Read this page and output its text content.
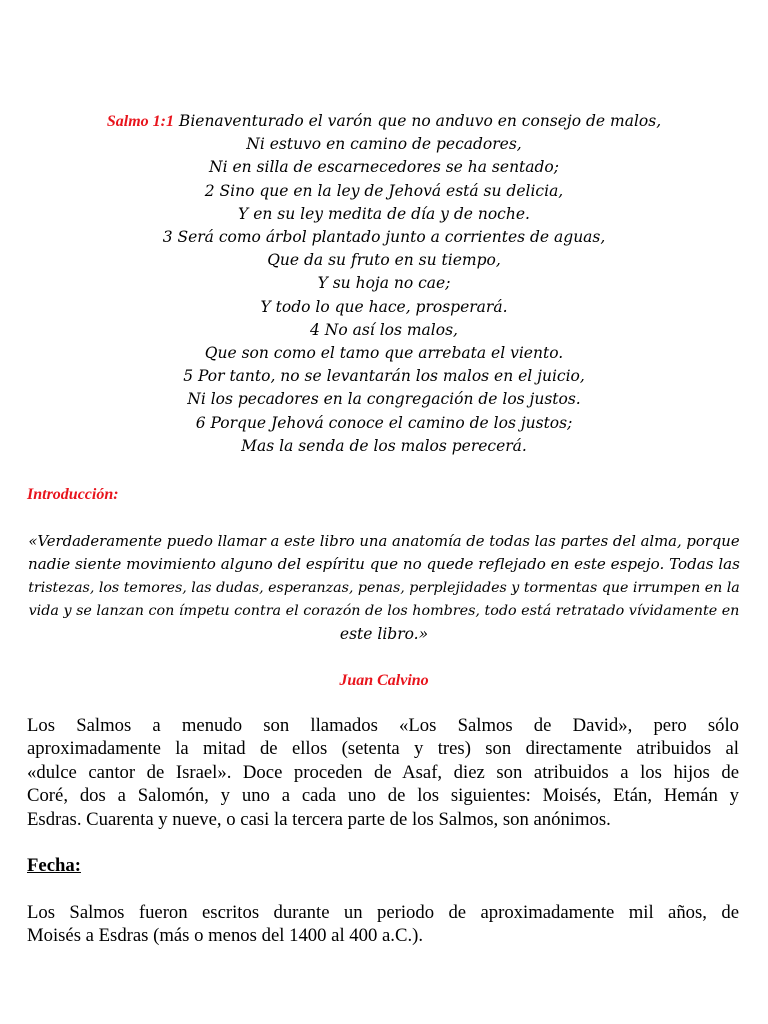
Salmo 1:1 Bienaventurado el varón que no anduvo en consejo de malos,
Ni estuvo en camino de pecadores,
Ni en silla de escarnecedores se ha sentado;
2 Sino que en la ley de Jehová está su delicia,
Y en su ley medita de día y de noche.
3 Será como árbol plantado junto a corrientes de aguas,
Que da su fruto en su tiempo,
Y su hoja no cae;
Y todo lo que hace, prosperará.
4 No así los malos,
Que son como el tamo que arrebata el viento.
5 Por tanto, no se levantarán los malos en el juicio,
Ni los pecadores en la congregación de los justos.
6 Porque Jehová conoce el camino de los justos;
Mas la senda de los malos perecerá.
Introducción:
«Verdaderamente puedo llamar a este libro una anatomía de todas las partes del alma, porque
nadie siente movimiento alguno del espíritu que no quede reflejado en este espejo. Todas las
tristezas, los temores, las dudas, esperanzas, penas, perplejidades y tormentas que irrumpen en la
vida y se lanzan con ímpetu contra el corazón de los hombres, todo está retratado vívidamente en
este libro.»
Juan Calvino
Los Salmos a menudo son llamados «Los Salmos de David», pero sólo
aproximadamente la mitad de ellos (setenta y tres) son directamente atribuidos al
«dulce cantor de Israel». Doce proceden de Asaf, diez son atribuidos a los hijos de
Coré, dos a Salomón, y uno a cada uno de los siguientes: Moisés, Etán, Hemán y
Esdras. Cuarenta y nueve, o casi la tercera parte de los Salmos, son anónimos.
Fecha:
Los Salmos fueron escritos durante un periodo de aproximadamente mil años, de
Moisés a Esdras (más o menos del 1400 al 400 a.C.).
